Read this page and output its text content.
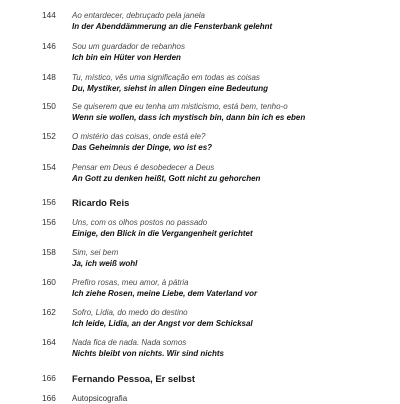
144 Ao entardecer, debruçado pela janela
In der Abenddämmerung an die Fensterbank gelehnt
146 Sou um guardador de rebanhos
Ich bin ein Hüter von Herden
148 Tu, místico, vês uma significação em todas as coisas
Du, Mystiker, siehst in allen Dingen eine Bedeutung
150 Se quiserem que eu tenha um misticismo, está bem, tenho-o
Wenn sie wollen, dass ich mystisch bin, dann bin ich es eben
152 O mistério das coisas, onde está ele?
Das Geheimnis der Dinge, wo ist es?
154 Pensar em Deus é desobedecer a Deus
An Gott zu denken heißt, Gott nicht zu gehorchen
156 Ricardo Reis
156 Uns, com os olhos postos no passado
Einige, den Blick in die Vergangenheit gerichtet
158 Sim, sei bem
Ja, ich weiß wohl
160 Prefiro rosas, meu amor, à pátria
Ich ziehe Rosen, meine Liebe, dem Vaterland vor
162 Sofro, Lídia, do medo do destino
Ich leide, Lidia, an der Angst vor dem Schicksal
164 Nada fica de nada. Nada somos
Nichts bleibt von nichts. Wir sind nichts
166 Fernando Pessoa, Er selbst
166 Autopsicografia
